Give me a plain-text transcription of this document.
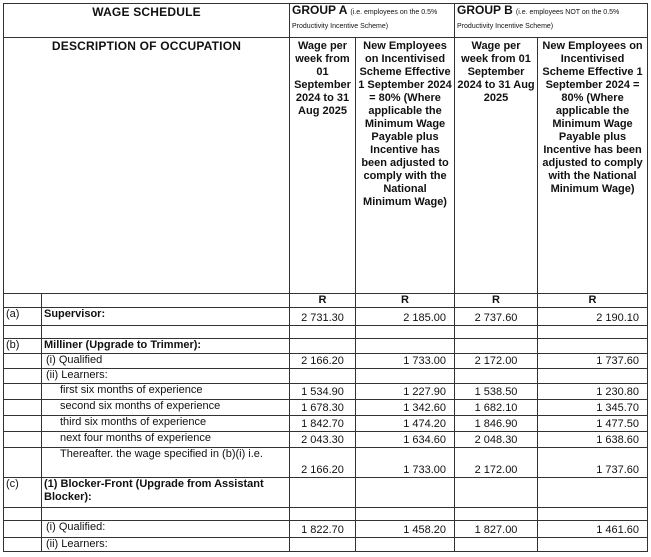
WAGE SCHEDULE		GROUP A (i.e. employees on the 0.5% Productivity Incentive Scheme)		GROUP B (i.e. employees NOT on the 0.5% Productivity Incentive Scheme)	
DESCRIPTION OF OCCUPATION		Wage per week from 01 September 2024 to 31 Aug 2025	New Employees on Incentivised Scheme Effective 1 September 2024 = 80% (Where applicable the Minimum Wage Payable plus Incentive has been adjusted to comply with the National Minimum Wage)	Wage per week from 01 September 2024 to 31 Aug 2025	New Employees on Incentivised Scheme Effective 1 September 2024 = 80% (Where applicable the Minimum Wage Payable plus Incentive has been adjusted to comply with the National Minimum Wage)
		R	R	R	R
(a)	Supervisor:	2 731.30	2 185.00	2 737.60	2 190.10

(b)	Milliner (Upgrade to Trimmer):				
	(i) Qualified	2 166.20	1 733.00	2 172.00	1 737.60
	(ii) Learners:				
	first six months of experience	1 534.90	1 227.90	1 538.50	1 230.80
	second six months of experience	1 678.30	1 342.60	1 682.10	1 345.70
	third six months of experience	1 842.70	1 474.20	1 846.90	1 477.50
	next four months of experience	2 043.30	1 634.60	2 048.30	1 638.60
	Thereafter. the wage specified in (b)(i) i.e.	2 166.20	1 733.00	2 172.00	1 737.60
(c)	(1) Blocker-Front (Upgrade from Assistant Blocker):				

	(i) Qualified:	1 822.70	1 458.20	1 827.00	1 461.60
	(ii) Learners:				
